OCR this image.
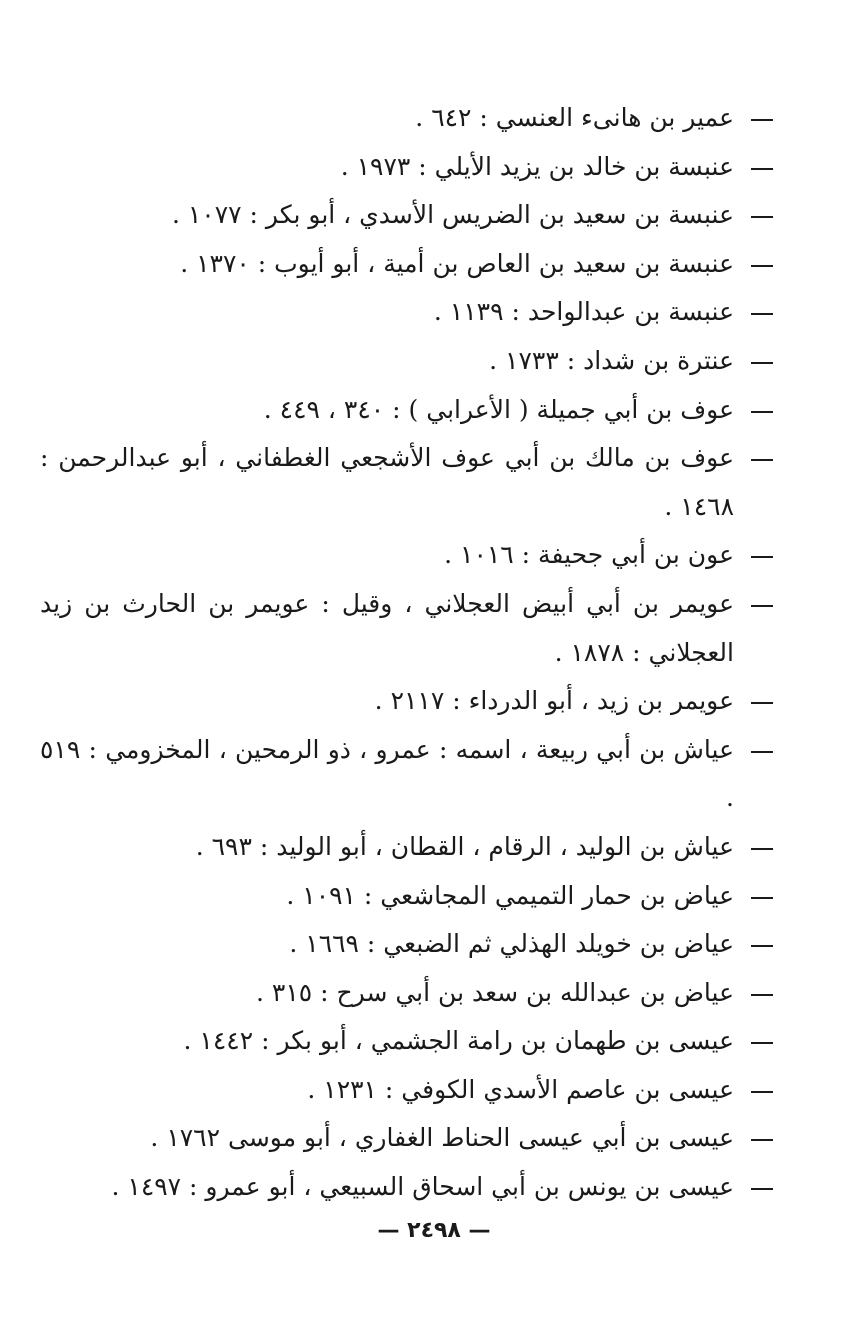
عمير بن هانىء العنسي : ٦٤٢ .
عنبسة بن خالد بن يزيد الأيلي : ١٩٧٣ .
عنبسة بن سعيد بن الضريس الأسدي ، أبو بكر : ١٠٧٧ .
عنبسة بن سعيد بن العاص بن أمية ، أبو أيوب : ١٣٧٠ .
عنبسة بن عبدالواحد : ١١٣٩ .
عنترة بن شداد : ١٧٣٣ .
عوف بن أبي جميلة ( الأعرابي ) : ٣٤٠ ، ٤٤٩ .
عوف بن مالك بن أبي عوف الأشجعي الغطفاني ، أبو عبدالرحمن : ١٤٦٨ .
عون بن أبي جحيفة : ١٠١٦ .
عويمر بن أبي أبيض العجلاني ، وقيل : عويمر بن الحارث بن زيد العجلاني : ١٨٧٨ .
عويمر بن زيد ، أبو الدرداء : ٢١١٧ .
عياش بن أبي ربيعة ، اسمه : عمرو ، ذو الرمحين ، المخزومي : ٥١٩ .
عياش بن الوليد ، الرقام ، القطان ، أبو الوليد : ٦٩٣ .
عياض بن حمار التميمي المجاشعي : ١٠٩١ .
عياض بن خويلد الهذلي ثم الضبعي : ١٦٦٩ .
عياض بن عبدالله بن سعد بن أبي سرح : ٣١٥ .
عيسى بن طهمان بن رامة الجشمي ، أبو بكر : ١٤٤٢ .
عيسى بن عاصم الأسدي الكوفي : ١٢٣١ .
عيسى بن أبي عيسى الحناط الغفاري ، أبو موسى ١٧٦٢ .
عيسى بن يونس بن أبي اسحاق السبيعي ، أبو عمرو : ١٤٩٧ .
— ٢٤٩٨ —
